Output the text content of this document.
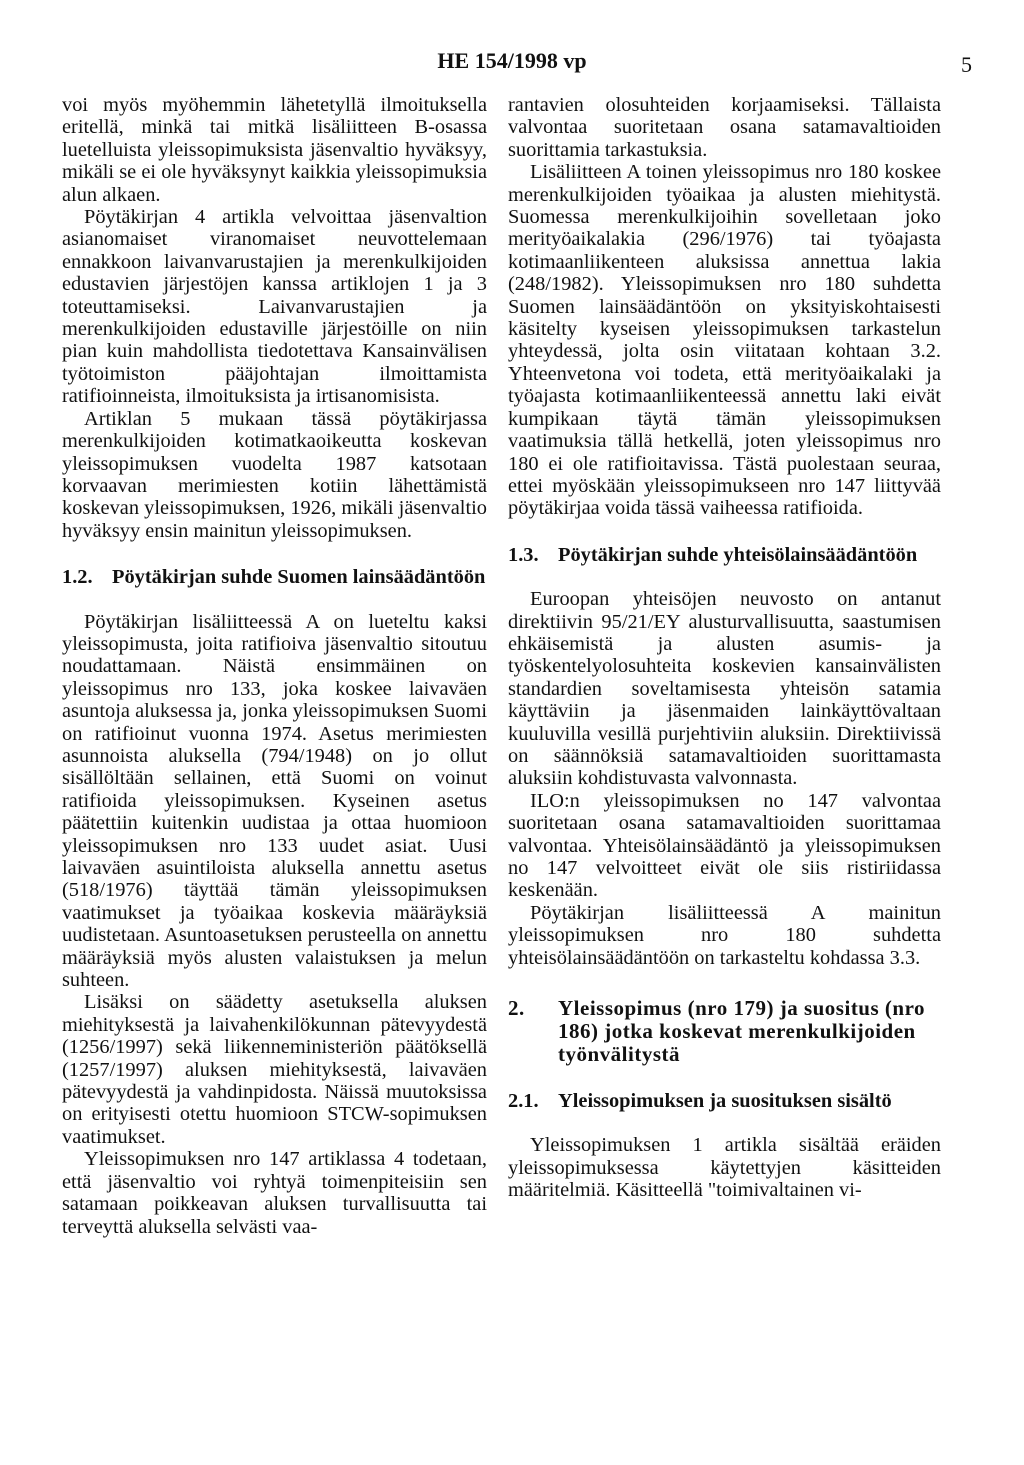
HE 154/1998 vp	5

voi myös myöhemmin lähetetyllä ilmoituksella eritellä, minkä tai mitkä lisäliitteen B-osassa luetelluista yleissopimuksista jäsenvaltio hyväksyy, mikäli se ei ole hyväksynyt kaikkia yleissopimuksia alun alkaen.

Pöytäkirjan 4 artikla velvoittaa jäsenvaltion asianomaiset viranomaiset neuvottelemaan ennakkoon laivanvarustajien ja merenkulkijoiden edustavien järjestöjen kanssa artiklojen 1 ja 3 toteuttamiseksi. Laivanvarustajien ja merenkulkijoiden edustaville järjestöille on niin pian kuin mahdollista tiedotettava Kansainvälisen työtoimiston pääjohtajan ilmoittamista ratifioinneista, ilmoituksista ja irtisanomisista.

Artiklan 5 mukaan tässä pöytäkirjassa merenkulkijoiden kotimatkaoikeutta koskevan yleissopimuksen vuodelta 1987 katsotaan korvaavan merimiesten kotiin lähettämistä koskevan yleissopimuksen, 1926, mikäli jäsenvaltio hyväksyy ensin mainitun yleissopimuksen.

1.2. Pöytäkirjan suhde Suomen lainsäädäntöön

Pöytäkirjan lisäliitteessä A on lueteltu kaksi yleissopimusta, joita ratifioiva jäsenvaltio sitoutuu noudattamaan. Näistä ensimmäinen on yleissopimus nro 133, joka koskee laivaväen asuntoja aluksessa ja, jonka yleissopimuksen Suomi on ratifioinut vuonna 1974. Asetus merimiesten asunnoista aluksella (794/1948) on jo ollut sisällöltään sellainen, että Suomi on voinut ratifioida yleissopimuksen. Kyseinen asetus päätettiin kuitenkin uudistaa ja ottaa huomioon yleissopimuksen nro 133 uudet asiat. Uusi laivaväen asuintiloista aluksella annettu asetus (518/1976) täyttää tämän yleissopimuksen vaatimukset ja työaikaa koskevia määräyksiä uudistetaan. Asuntoasetuksen perusteella on annettu määräyksiä myös alusten valaistuksen ja melun suhteen.

Lisäksi on säädetty asetuksella aluksen miehityksestä ja laivahenkilökunnan pätevyydestä (1256/1997) sekä liikenneministeriön päätöksellä (1257/1997) aluksen miehityksestä, laivaväen pätevyydestä ja vahdinpidosta. Näissä muutoksissa on erityisesti otettu huomioon STCW-sopimuksen vaatimukset.

Yleissopimuksen nro 147 artiklassa 4 todetaan, että jäsenvaltio voi ryhtyä toimenpiteisiin sen satamaan poikkeavan aluksen turvallisuutta tai terveyttä aluksella selvästi vaa-

rantavien olosuhteiden korjaamiseksi. Tällaista valvontaa suoritetaan osana satamavaltioiden suorittamia tarkastuksia.

Lisäliitteen A toinen yleissopimus nro 180 koskee merenkulkijoiden työaikaa ja alusten miehitystä. Suomessa merenkulkijoihin sovelletaan joko merityöaikalakia (296/1976) tai työajasta kotimaanliikenteen aluksissa annettua lakia (248/1982). Yleissopimuksen nro 180 suhdetta Suomen lainsäädäntöön on yksityiskohtaisesti käsitelty kyseisen yleissopimuksen tarkastelun yhteydessä, jolta osin viitataan kohtaan 3.2. Yhteenvetona voi todeta, että merityöaikalaki ja työajasta kotimaanliikenteessä annettu laki eivät kumpikaan täytä tämän yleissopimuksen vaatimuksia tällä hetkellä, joten yleissopimus nro 180 ei ole ratifioitavissa. Tästä puolestaan seuraa, ettei myöskään yleissopimukseen nro 147 liittyvää pöytäkirjaa voida tässä vaiheessa ratifioida.

1.3. Pöytäkirjan suhde yhteisölainsäädäntöön

Euroopan yhteisöjen neuvosto on antanut direktiivin 95/21/EY alusturvallisuutta, saastumisen ehkäisemistä ja alusten asumis- ja työskentelyolosuhteita koskevien kansainvälisten standardien soveltamisesta yhteisön satamia käyttäviin ja jäsenmaiden lainkäyttövaltaan kuuluvilla vesillä purjehtiviin aluksiin. Direktiivissä on säännöksiä satamavaltioiden suorittamasta aluksiin kohdistuvasta valvonnasta.

ILO:n yleissopimuksen no 147 valvontaa suoritetaan osana satamavaltioiden suorittamaa valvontaa. Yhteisölainsäädäntö ja yleissopimuksen no 147 velvoitteet eivät ole siis ristiriidassa keskenään.

Pöytäkirjan lisäliitteessä A mainitun yleissopimuksen nro 180 suhdetta yhteisölainsäädäntöön on tarkasteltu kohdassa 3.3.

2.	Yleissopimus (nro 179) ja suositus (nro 186) jotka koskevat merenkulkijoiden työnvälitystä
2.1. Yleissopimuksen ja suosituksen sisältö

Yleissopimuksen 1 artikla sisältää eräiden yleissopimuksessa käytettyjen käsitteiden määritelmiä. Käsitteellä "toimivaltainen vi-
